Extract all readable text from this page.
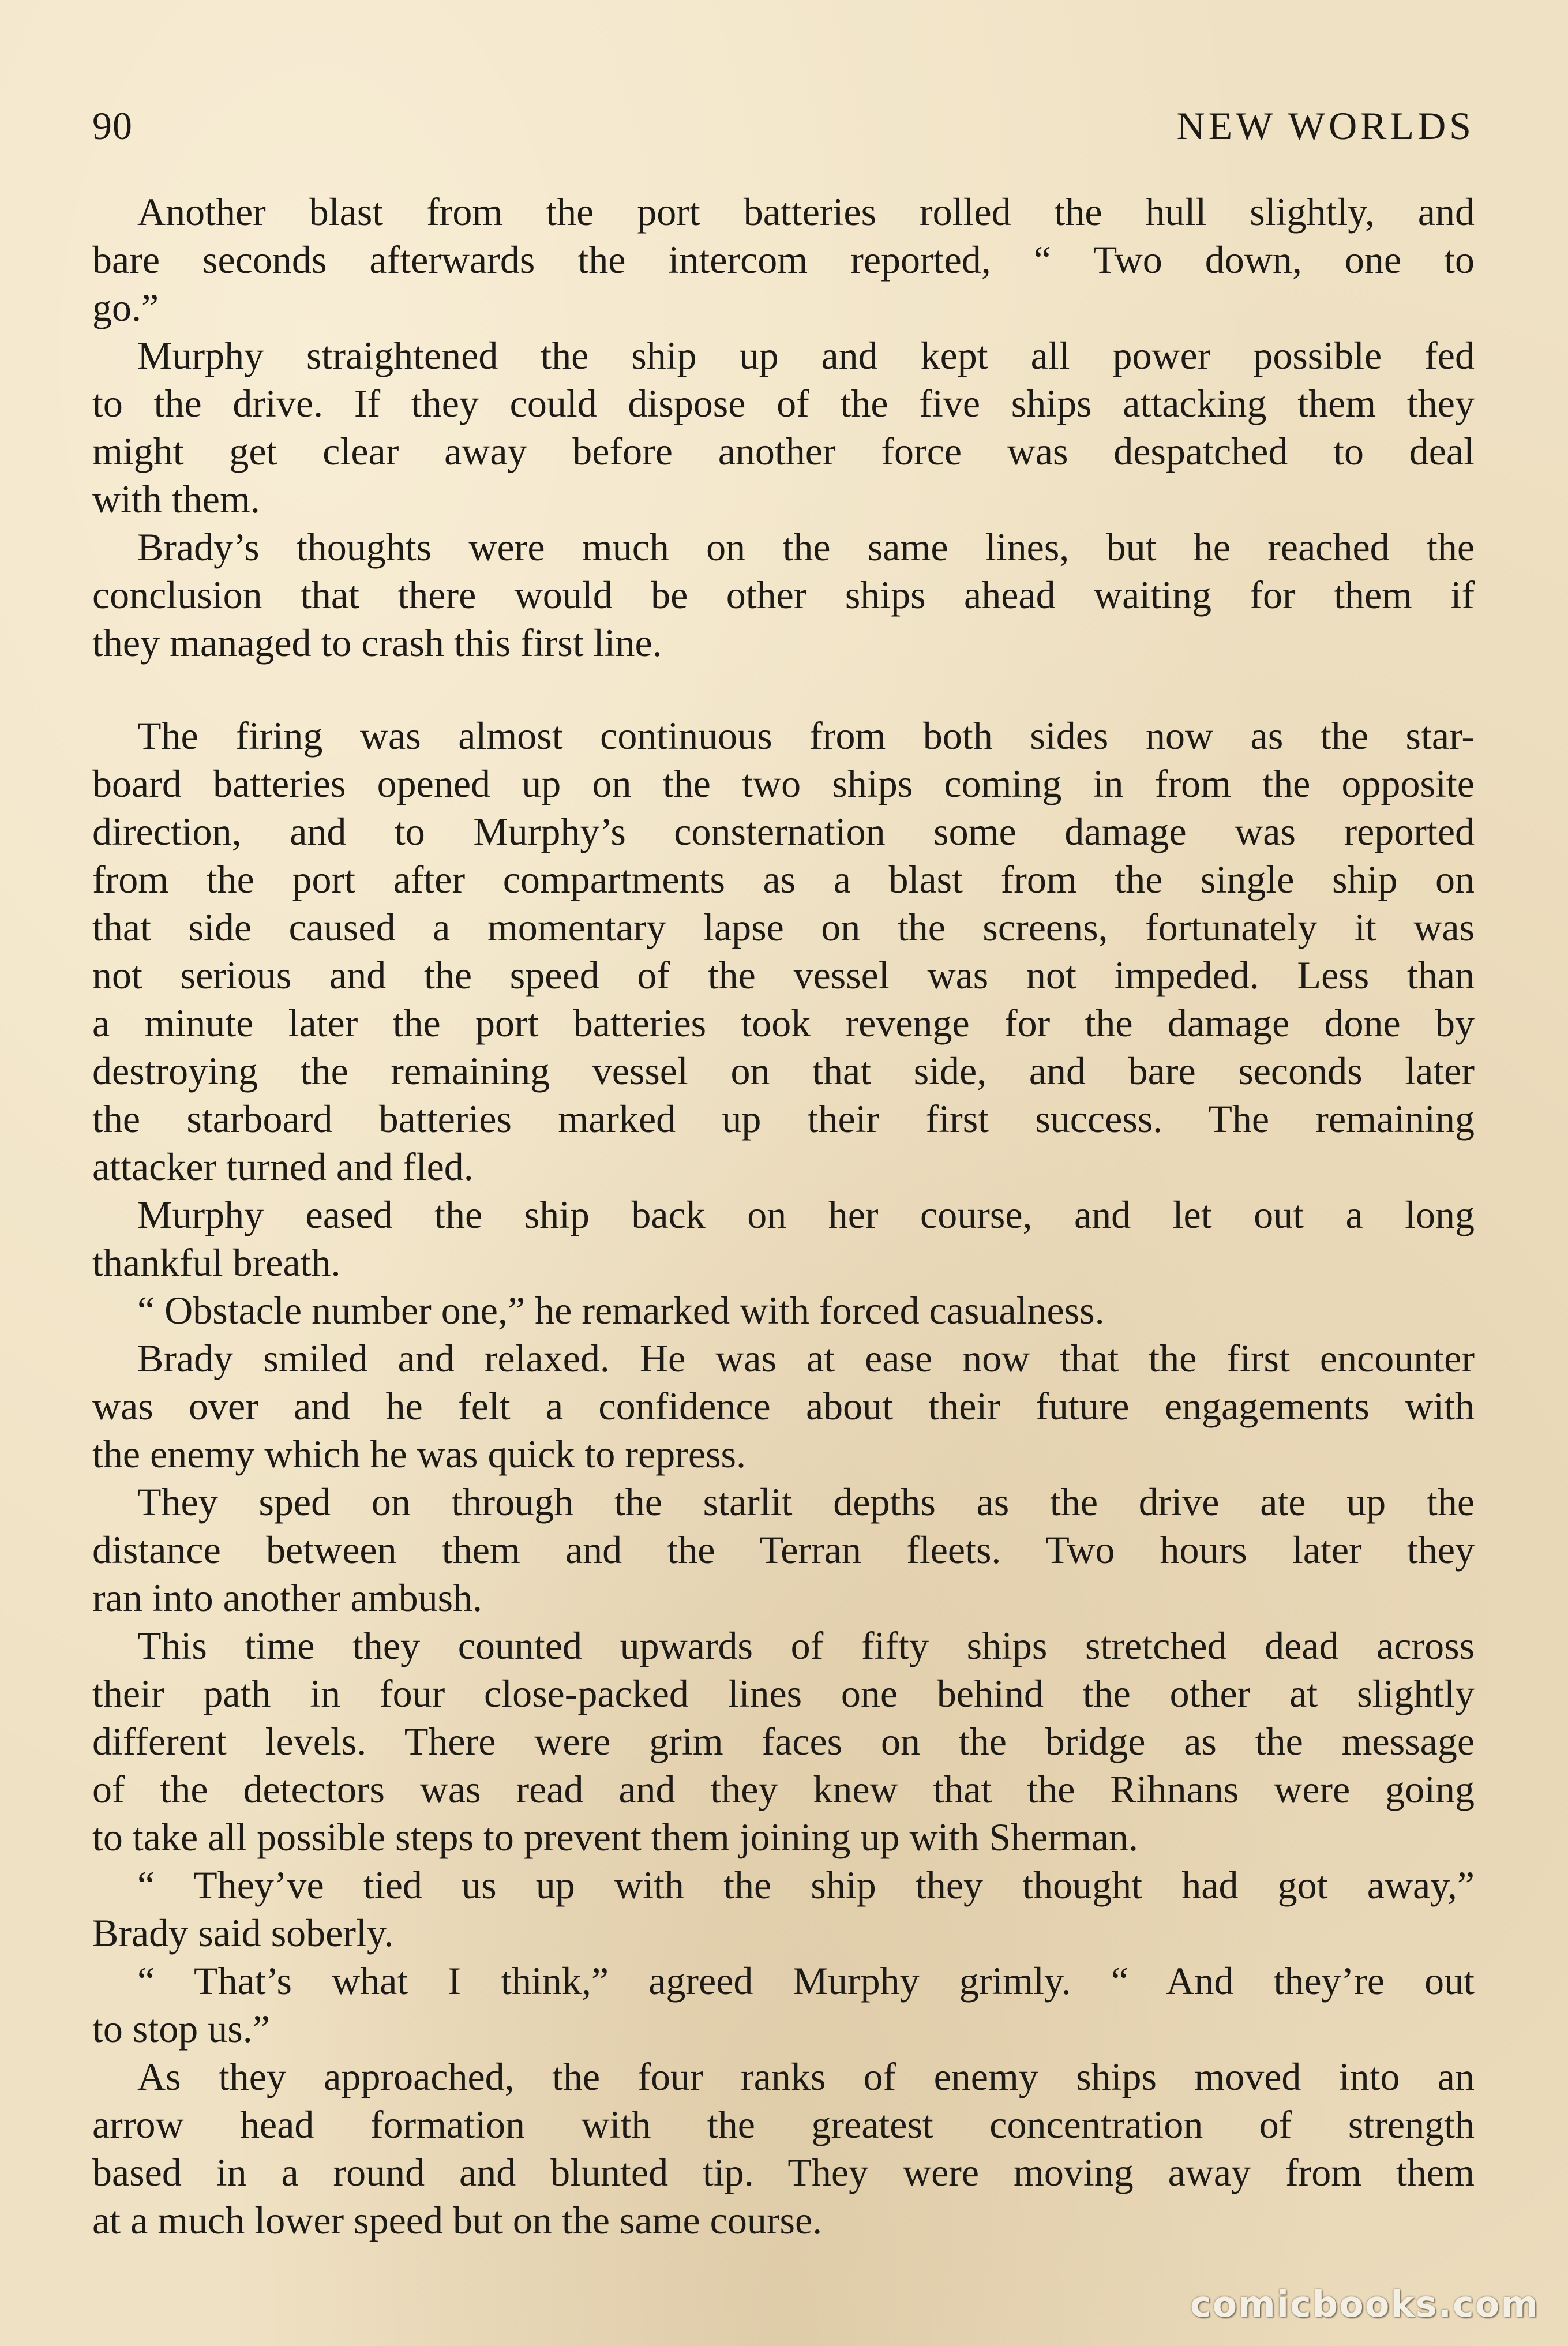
90	NEW WORLDS
Another blast from the port batteries rolled the hull slightly, and
bare seconds afterwards the intercom reported, “ Two down, one to
go.”
Murphy straightened the ship up and kept all power possible fed
to the drive. If they could dispose of the five ships attacking them they
might get clear away before another force was despatched to deal
with them.
Brady’s thoughts were much on the same lines, but he reached the
conclusion that there would be other ships ahead waiting for them if
they managed to crash this first line.
The firing was almost continuous from both sides now as the star-
board batteries opened up on the two ships coming in from the opposite
direction, and to Murphy’s consternation some damage was reported
from the port after compartments as a blast from the single ship on
that side caused a momentary lapse on the screens, fortunately it was
not serious and the speed of the vessel was not impeded. Less than
a minute later the port batteries took revenge for the damage done by
destroying the remaining vessel on that side, and bare seconds later
the starboard batteries marked up their first success. The remaining
attacker turned and fled.
Murphy eased the ship back on her course, and let out a long
thankful breath.
“ Obstacle number one,” he remarked with forced casualness.
Brady smiled and relaxed. He was at ease now that the first encounter
was over and he felt a confidence about their future engagements with
the enemy which he was quick to repress.
They sped on through the starlit depths as the drive ate up the
distance between them and the Terran fleets. Two hours later they
ran into another ambush.
This time they counted upwards of fifty ships stretched dead across
their path in four close-packed lines one behind the other at slightly
different levels. There were grim faces on the bridge as the message
of the detectors was read and they knew that the Rihnans were going
to take all possible steps to prevent them joining up with Sherman.
“ They’ve tied us up with the ship they thought had got away,”
Brady said soberly.
“ That’s what I think,” agreed Murphy grimly. “ And they’re out
to stop us.”
As they approached, the four ranks of enemy ships moved into an
arrow head formation with the greatest concentration of strength
based in a round and blunted tip. They were moving away from them
at a much lower speed but on the same course.
comicbooks.com
